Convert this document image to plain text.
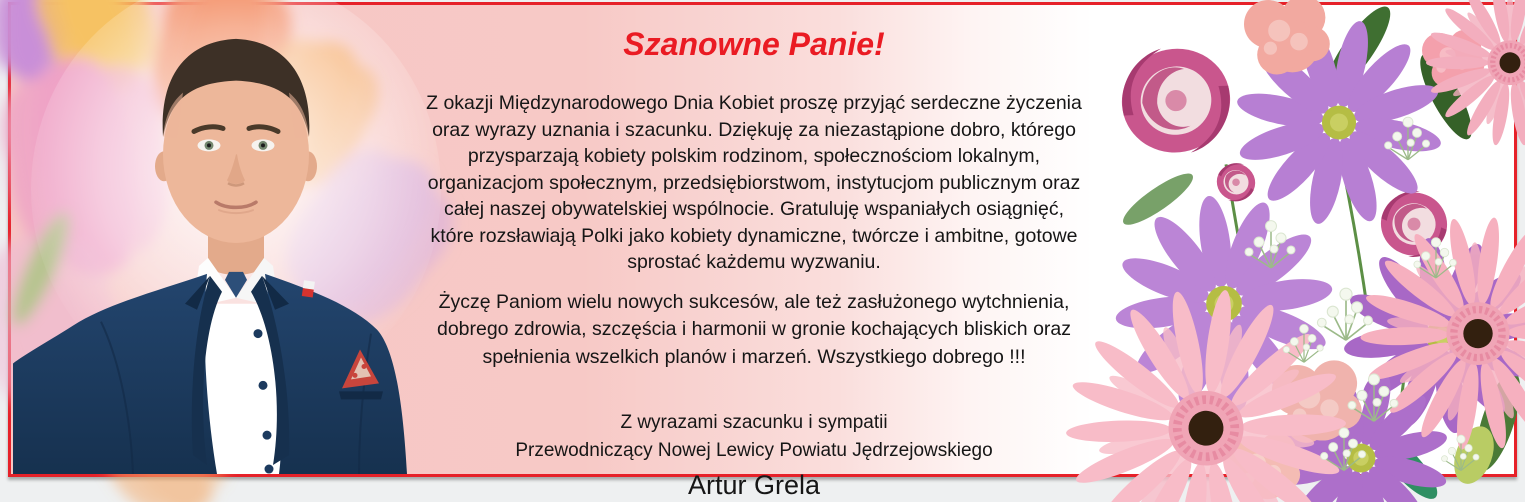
Szanowne Panie!
Z okazji Międzynarodowego Dnia Kobiet proszę przyjąć serdeczne życzenia
oraz wyrazy uznania i szacunku. Dziękuję za niezastąpione dobro, którego
przysparzają kobiety polskim rodzinom, społecznościom lokalnym,
organizacjom społecznym, przedsiębiorstwom, instytucjom publicznym oraz
całej naszej obywatelskiej wspólnocie. Gratuluję wspaniałych osiągnięć,
które rozsławiają Polki jako kobiety dynamiczne, twórcze i ambitne, gotowe
sprostać każdemu wyzwaniu.
Życzę Paniom wielu nowych sukcesów, ale też zasłużonego wytchnienia,
dobrego zdrowia, szczęścia i harmonii w gronie kochających bliskich oraz
spełnienia wszelkich planów i marzeń. Wszystkiego dobrego !!!
Z wyrazami szacunku i sympatii
Przewodniczący Nowej Lewicy Powiatu Jędrzejowskiego
Artur Grela
